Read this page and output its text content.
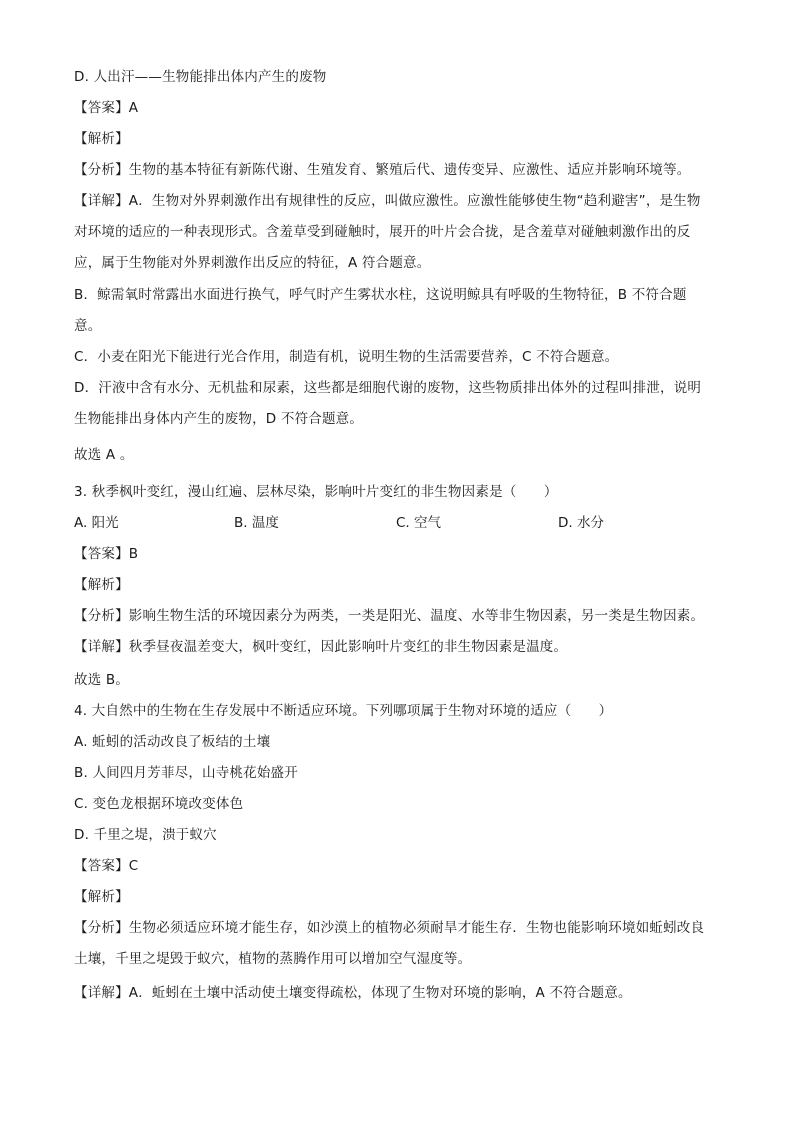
D. 人出汗——生物能排出体内产生的废物
【答案】A
【解析】
【分析】生物的基本特征有新陈代谢、生殖发育、繁殖后代、遗传变异、应激性、适应并影响环境等。
【详解】A．生物对外界刺激作出有规律性的反应，叫做应激性。应激性能够使生物“趋利避害”，是生物
对环境的适应的一种表现形式。含羞草受到碰触时，展开的叶片会合拢，是含羞草对碰触刺激作出的反
应，属于生物能对外界刺激作出反应的特征，A 符合题意。
B．鲸需氧时常露出水面进行换气，呼气时产生雾状水柱，这说明鲸具有呼吸的生物特征，B 不符合题
意。
C．小麦在阳光下能进行光合作用，制造有机，说明生物的生活需要营养，C 不符合题意。
D．汗液中含有水分、无机盐和尿素，这些都是细胞代谢的废物，这些物质排出体外的过程叫排泄，说明
生物能排出身体内产生的废物，D 不符合题意。
故选 A 。
3. 秋季枫叶变红，漫山红遍、层林尽染，影响叶片变红的非生物因素是（　　）
A. 阳光	B. 温度	C. 空气	D. 水分
【答案】B
【解析】
【分析】影响生物生活的环境因素分为两类，一类是阳光、温度、水等非生物因素，另一类是生物因素。
【详解】秋季昼夜温差变大，枫叶变红，因此影响叶片变红的非生物因素是温度。
故选 B。
4. 大自然中的生物在生存发展中不断适应环境。下列哪项属于生物对环境的适应（　　）
A. 蚯蚓的活动改良了板结的土壤
B. 人间四月芳菲尽，山寺桃花始盛开
C. 变色龙根据环境改变体色
D. 千里之堤，溃于蚁穴
【答案】C
【解析】
【分析】生物必须适应环境才能生存，如沙漠上的植物必须耐旱才能生存．生物也能影响环境如蚯蚓改良
土壤，千里之堤毁于蚁穴，植物的蒸腾作用可以增加空气湿度等。
【详解】A．蚯蚓在土壤中活动使土壤变得疏松，体现了生物对环境的影响，A 不符合题意。
